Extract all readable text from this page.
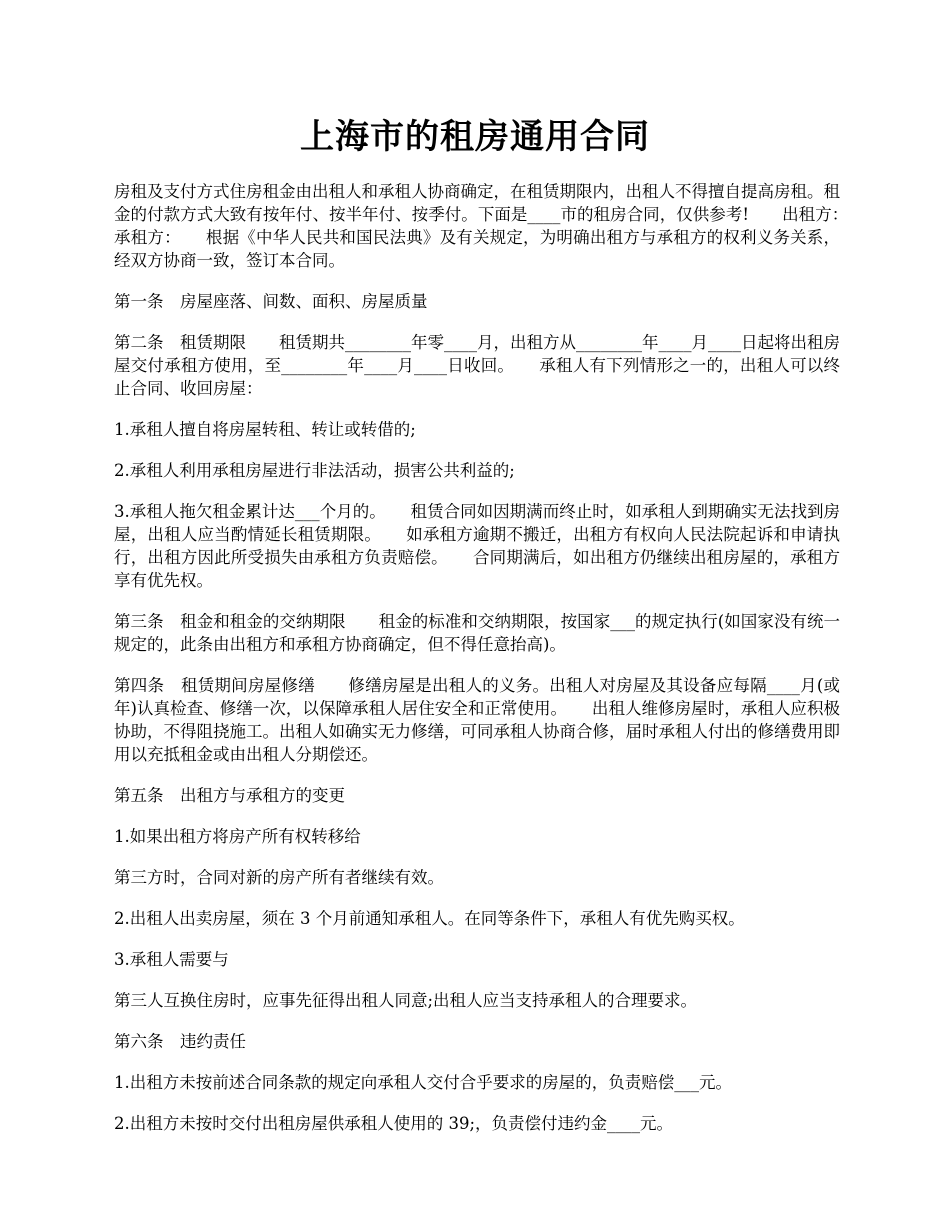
上海市的租房通用合同

房租及支付方式住房租金由出租人和承租人协商确定，在租赁期限内，出租人不得擅自提高房租。租金的付款方式大致有按年付、按半年付、按季付。下面是____市的租房合同，仅供参考!　　出租方：　　承租方：　　根据《中华人民共和国民法典》及有关规定，为明确出租方与承租方的权利义务关系，经双方协商一致，签订本合同。

第一条　房屋座落、间数、面积、房屋质量

第二条　租赁期限　　租赁期共________年零____月，出租方从________年____月____日起将出租房屋交付承租方使用，至________年____月____日收回。　　承租人有下列情形之一的，出租人可以终止合同、收回房屋：

1.承租人擅自将房屋转租、转让或转借的;

2.承租人利用承租房屋进行非法活动，损害公共利益的;

3.承租人拖欠租金累计达___个月的。　　租赁合同如因期满而终止时，如承租人到期确实无法找到房屋，出租人应当酌情延长租赁期限。　　如承租方逾期不搬迁，出租方有权向人民法院起诉和申请执行，出租方因此所受损失由承租方负责赔偿。　　合同期满后，如出租方仍继续出租房屋的，承租方享有优先权。

第三条　租金和租金的交纳期限　　租金的标准和交纳期限，按国家___的规定执行(如国家没有统一规定的，此条由出租方和承租方协商确定，但不得任意抬高)。

第四条　租赁期间房屋修缮　　修缮房屋是出租人的义务。出租人对房屋及其设备应每隔____月(或年)认真检查、修缮一次，以保障承租人居住安全和正常使用。　　出租人维修房屋时，承租人应积极协助，不得阻挠施工。出租人如确实无力修缮，可同承租人协商合修，届时承租人付出的修缮费用即用以充抵租金或由出租人分期偿还。

第五条　出租方与承租方的变更

1.如果出租方将房产所有权转移给

第三方时，合同对新的房产所有者继续有效。

2.出租人出卖房屋，须在 3 个月前通知承租人。在同等条件下，承租人有优先购买权。

3.承租人需要与

第三人互换住房时，应事先征得出租人同意;出租人应当支持承租人的合理要求。

第六条　违约责任

1.出租方未按前述合同条款的规定向承租人交付合乎要求的房屋的，负责赔偿___元。

2.出租方未按时交付出租房屋供承租人使用的 39;，负责偿付违约金____元。
